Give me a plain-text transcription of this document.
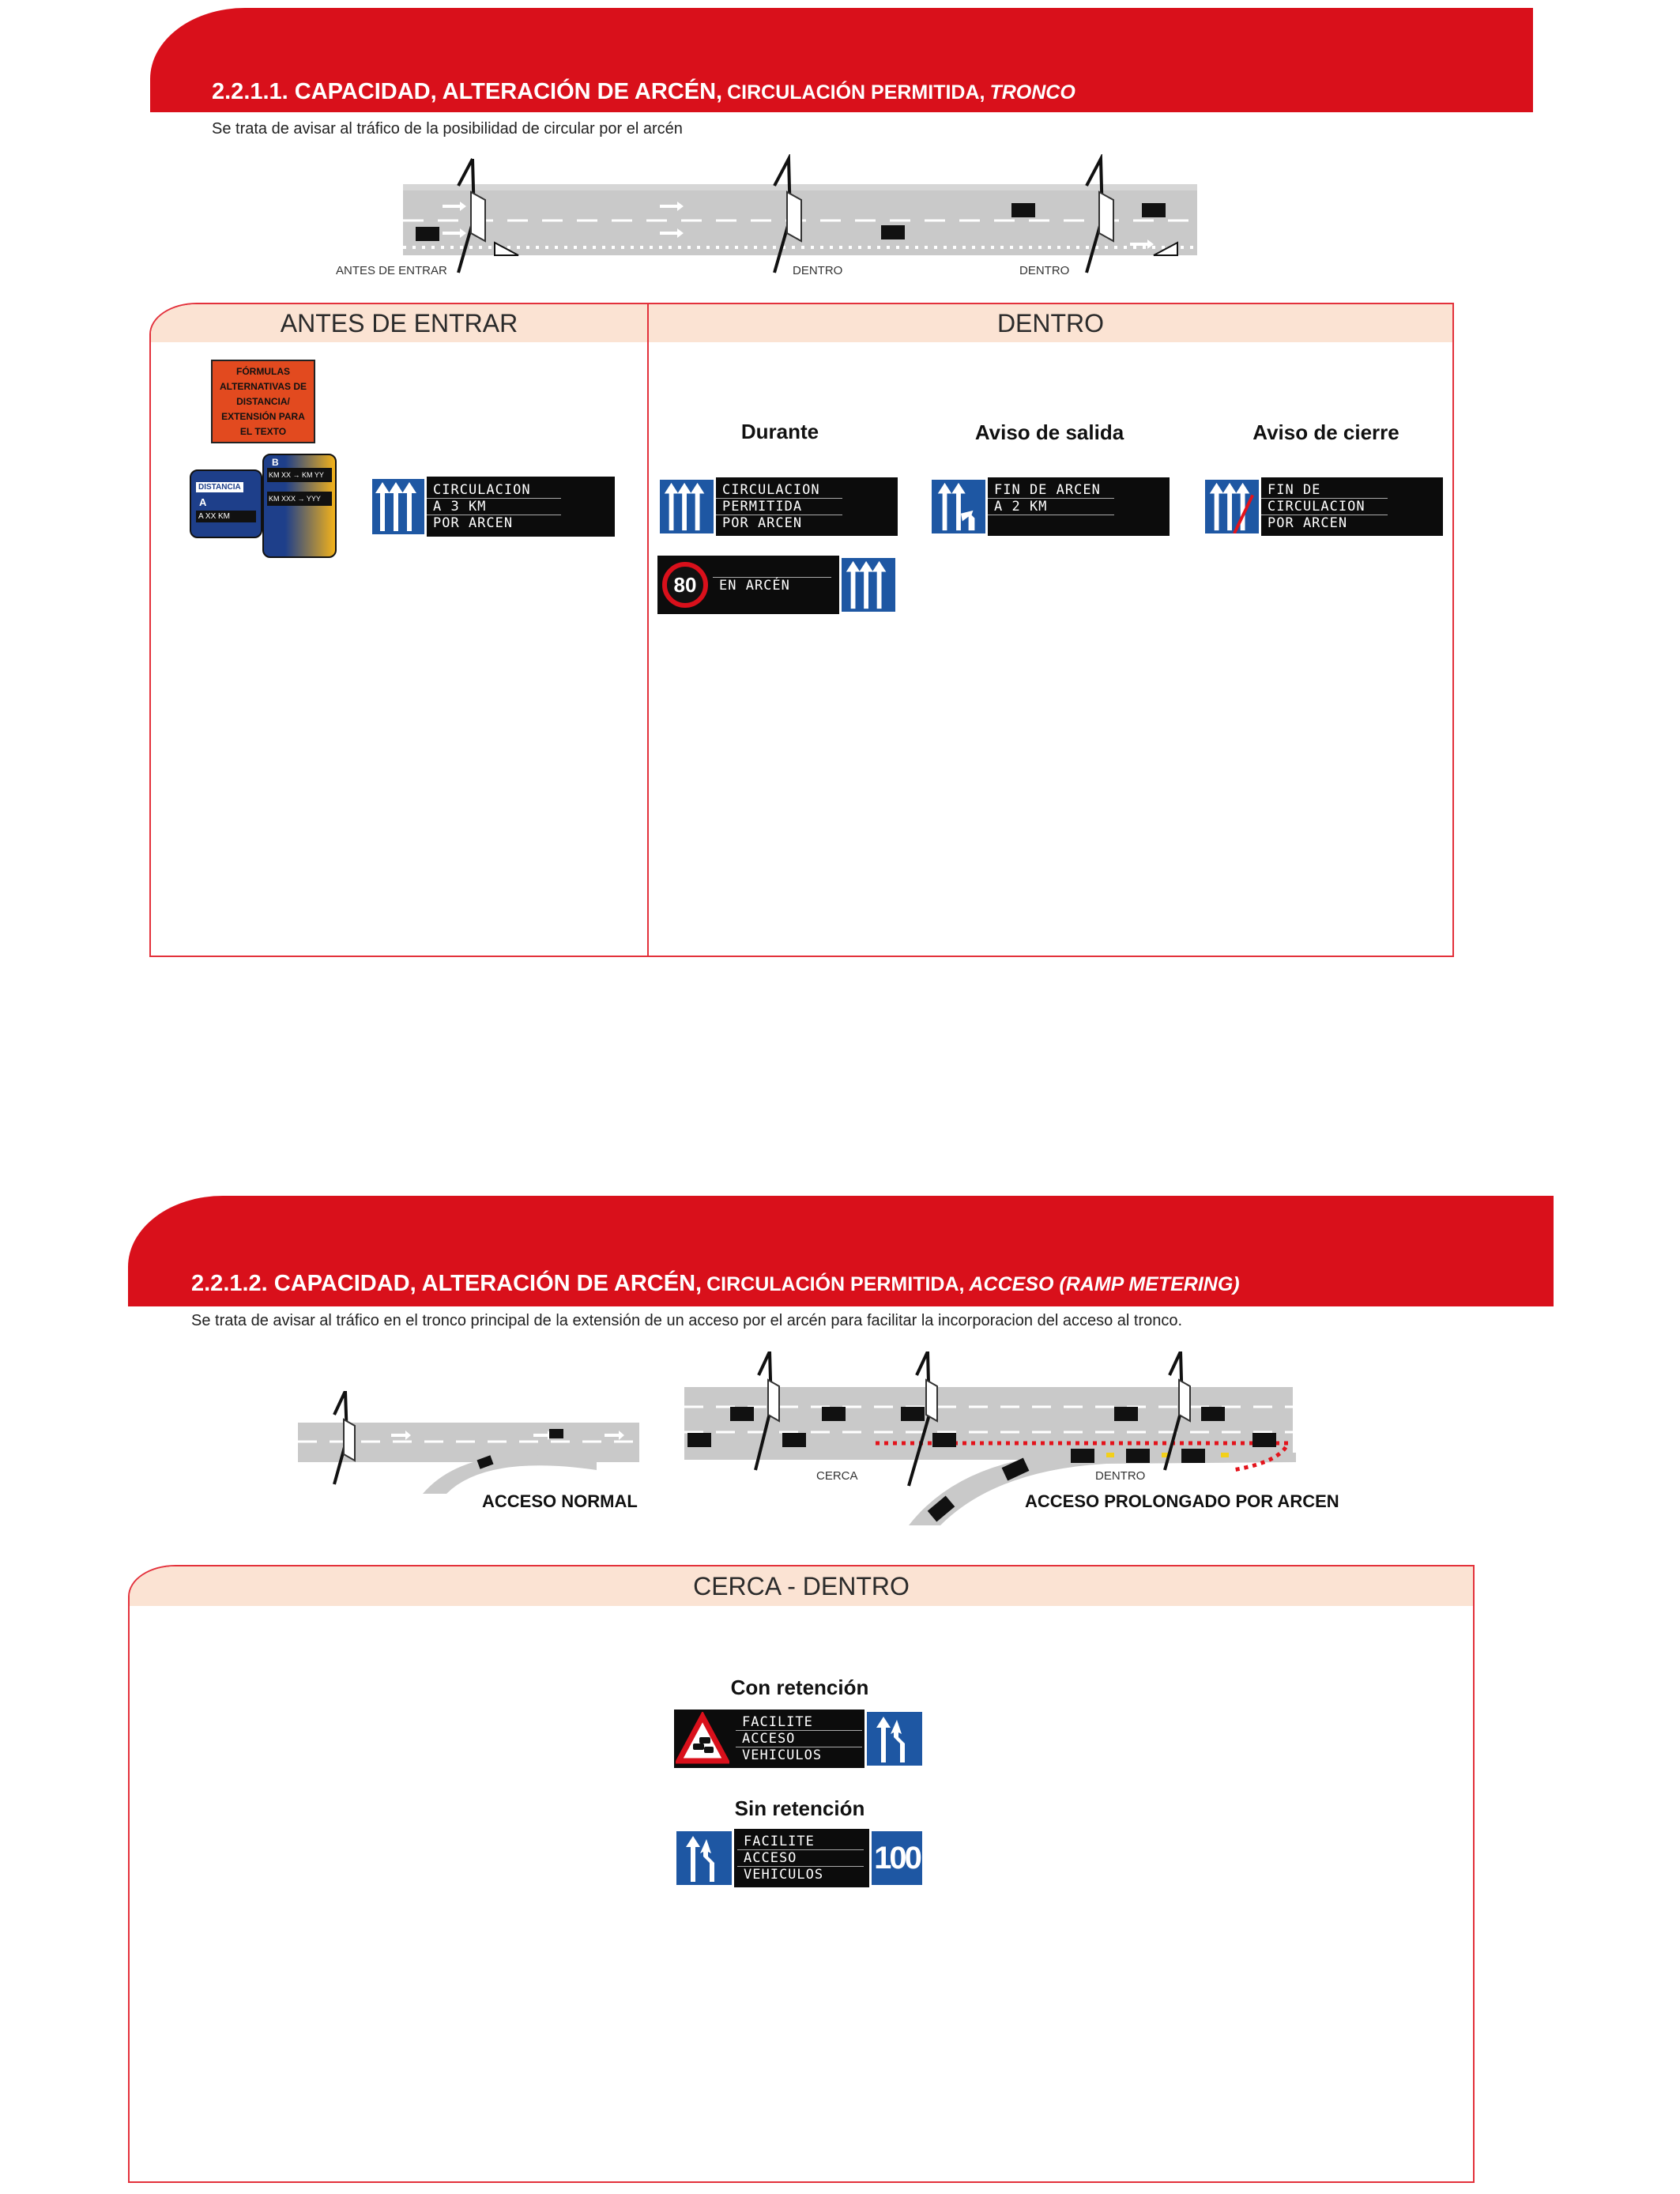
2.2.1.1. CAPACIDAD, ALTERACIÓN DE ARCÉN, CIRCULACIÓN PERMITIDA, TRONCO
Se trata de avisar al tráfico de la posibilidad de circular por el arcén
ANTES DE ENTRAR	DENTRO	DENTRO
ANTES DE ENTRAR	DENTRO
FÓRMULAS ALTERNATIVAS DE DISTANCIA/ EXTENSIÓN PARA EL TEXTO
DISTANCIA
A
A XX KM
B
KM XX → KM YY
KM XXX → YYY
CIRCULACION
A 3 KM
POR ARCEN
Durante	Aviso de salida	Aviso de cierre
CIRCULACION
PERMITIDA
POR ARCEN
FIN DE ARCEN
A 2 KM

FIN DE
CIRCULACION
POR ARCEN
80	EN ARCÉN
2.2.1.2. CAPACIDAD, ALTERACIÓN DE ARCÉN, CIRCULACIÓN PERMITIDA, ACCESO (RAMP METERING)
Se trata de avisar al tráfico en el tronco principal de la extensión de un acceso por el arcén para facilitar la incorporacion del acceso al tronco.
ACCESO NORMAL
CERCA	DENTRO
ACCESO PROLONGADO POR ARCEN
CERCA - DENTRO
Con retención
FACILITE
ACCESO
VEHICULOS
Sin retención
FACILITE
ACCESO
VEHICULOS	100
